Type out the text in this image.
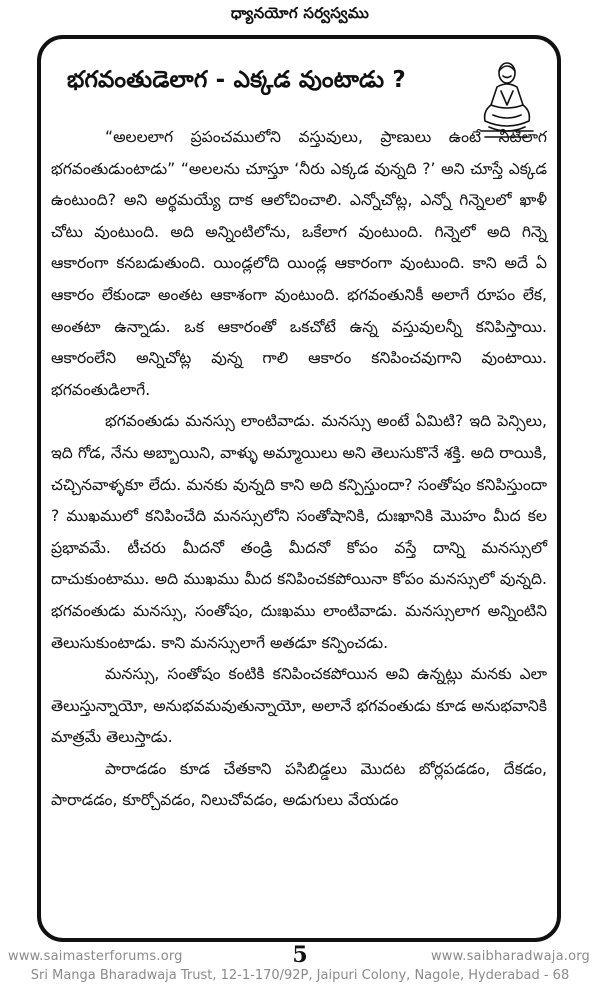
ధ్యానయోగ సర్వస్వము
భగవంతుడెలాగ - ఎక్కడ వుంటాడు ?

“అలలలాగ ప్రపంచములోని వస్తువులు, ప్రాణులు ఉంటే నీటిలాగ భగవంతుడుంటాడు” “అలలను చూస్తూ ‘నీరు ఎక్కడ వున్నది ?’ అని చూస్తే ఎక్కడ ఉంటుంది? అని అర్థమయ్యే దాక ఆలోచించాలి. ఎన్నోచోట్ల, ఎన్నో గిన్నెలలో ఖాళీ చోటు వుంటుంది. అది అన్నింటిలోను, ఒకేలాగ వుంటుంది. గిన్నెలో అది గిన్నె ఆకారంగా కనబడుతుంది. యిండ్లలోది యిండ్ల ఆకారంగా వుంటుంది. కాని అదే ఏ ఆకారం లేకుండా అంతట ఆకాశంగా వుంటుంది. భగవంతునికీ అలాగే రూపం లేక, అంతటా ఉన్నాడు. ఒక ఆకారంతో ఒకచోటే ఉన్న వస్తువులన్నీ కనిపిస్తాయి. ఆకారంలేని అన్నిచోట్ల వున్న గాలి ఆకారం కనిపించవుగాని వుంటాయి. భగవంతుడిలాగే.

భగవంతుడు మనస్సు లాంటివాడు. మనస్సు అంటే ఏమిటి? ఇది పెన్సిలు, ఇది గోడ, నేను అబ్బాయిని, వాళ్ళు అమ్మాయిలు అని తెలుసుకొనే శక్తి. అది రాయికి, చచ్చినవాళ్ళకూ లేదు. మనకు వున్నది కాని అది కన్పిస్తుందా? సంతోషం కనిపిస్తుందా ? ముఖములో కనిపించేది మనస్సులోని సంతోషానికి, దుఃఖానికి మొహం మీద కల ప్రభావమే. టీచరు మీదనో తండ్రి మీదనో కోపం వస్తే దాన్ని మనస్సులో దాచుకుంటాము. అది ముఖము మీద కనిపించకపోయినా కోపం మనస్సులో వున్నది. భగవంతుడు మనస్సు, సంతోషం, దుఃఖము లాంటివాడు. మనస్సులాగ అన్నింటిని తెలుసుకుంటాడు. కాని మనస్సులాగే అతడూ కన్పించడు.

మనస్సు, సంతోషం కంటికి కనిపించకపోయిన అవి ఉన్నట్లు మనకు ఎలా తెలుస్తున్నాయో, అనుభవమవుతున్నాయో, అలానే భగవంతుడు కూడ అనుభవానికి మాత్రమే తెలుస్తాడు.

పారాడడం కూడ చేతకాని పసిబిడ్డలు మొదట బోర్లపడడం, దేకడం, పారాడడం, కూర్చోవడం, నిలుచోవడం, అడుగులు వేయడం

www.saimasterforums.org	5	www.saibharadwaja.org
Sri Manga Bharadwaja Trust, 12-1-170/92P, Jaipuri Colony, Nagole, Hyderabad - 68
